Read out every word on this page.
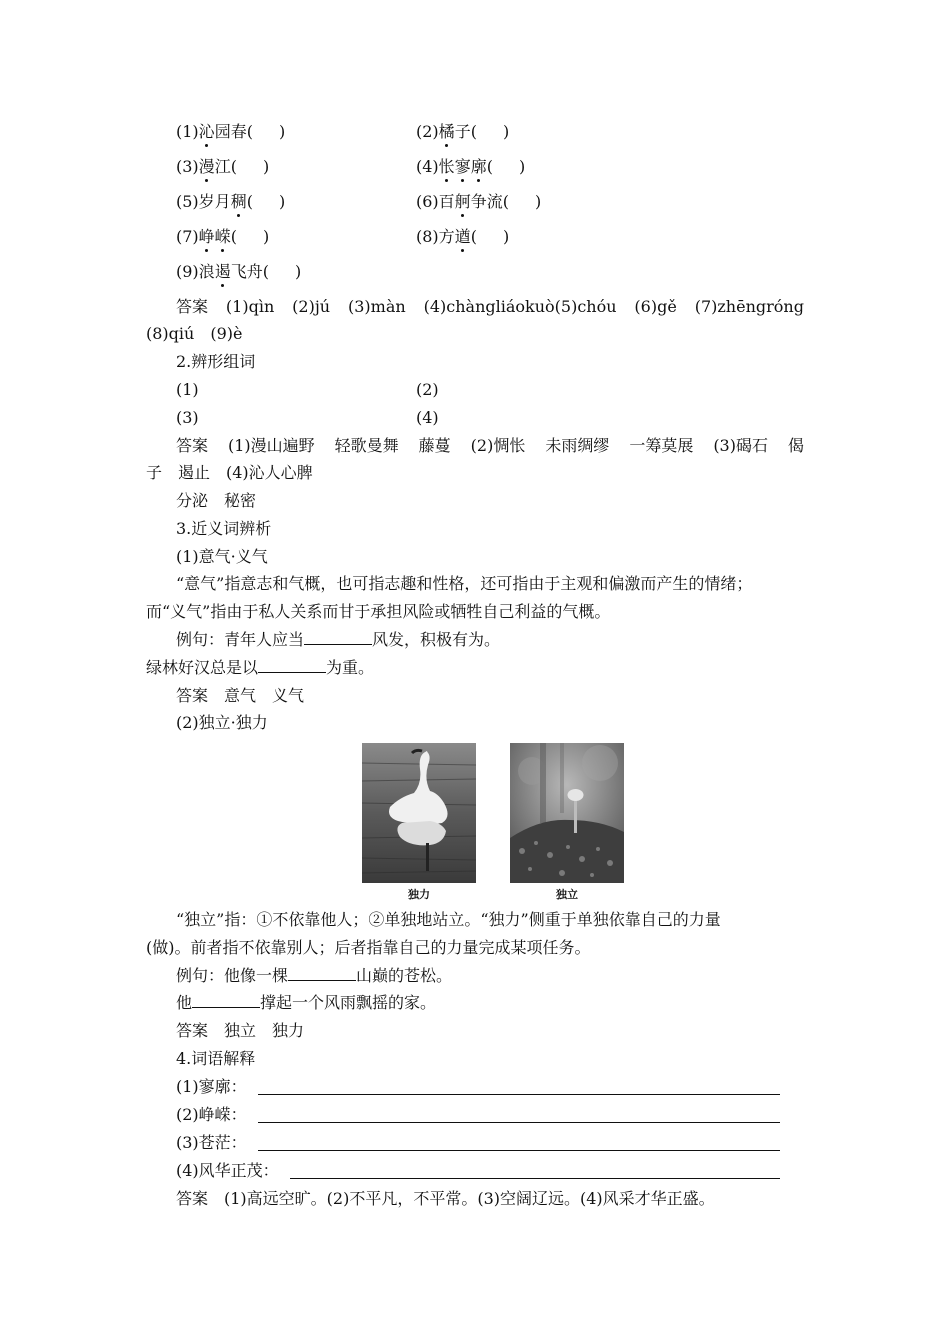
(1)沁园春( )	(2)橘子( )
(3)漫江( )	(4)怅寥廓( )
(5)岁月稠( )	(6)百舸争流( )
(7)峥嵘( )	(8)方遒( )
(9)浪遏飞舟( )
答案 (1)qìn (2)jú (3)màn (4)chàngliáokuò(5)chóu (6)gě (7)zhēngróng
(8)qiú　(9)è
2.辨形组词
(1)	(2)
(3)	(4)
答案 (1)漫山遍野 轻歌曼舞 藤蔓 (2)惆怅 未雨绸缪 一筹莫展 (3)碣石 偈
子　遏止　(4)沁人心脾
分泌　秘密
3.近义词辨析
(1)意气·义气
“意气”指意志和气概，也可指志趣和性格，还可指由于主观和偏激而产生的情绪；
而“义气”指由于私人关系而甘于承担风险或牺牲自己利益的气概。
例句：青年人应当	风发，积极有为。
绿林好汉总是以	为重。
答案　意气　义气
(2)独立·独力
独力	独立
“独立”指：①不依靠他人；②单独地站立。“独力”侧重于单独依靠自己的力量
(做)。前者指不依靠别人；后者指靠自己的力量完成某项任务。
例句：他像一棵	山巅的苍松。
他	撑起一个风雨飘摇的家。
答案　独立　独力
4.词语解释
(1)寥廓：
(2)峥嵘：
(3)苍茫：
(4)风华正茂：
答案　(1)高远空旷。(2)不平凡，不平常。(3)空阔辽远。(4)风采才华正盛。
